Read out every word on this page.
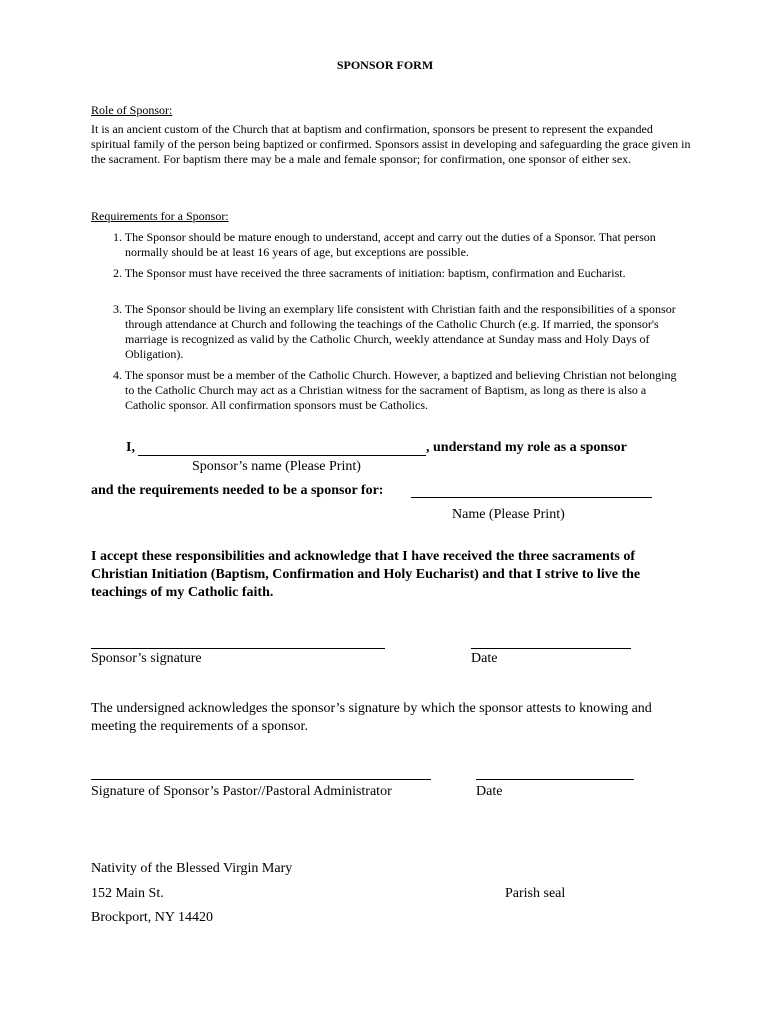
SPONSOR FORM
Role of Sponsor:
It is an ancient custom of the Church that at baptism and confirmation, sponsors be present to represent the expanded spiritual family of the person being baptized or confirmed. Sponsors assist in developing and safeguarding the grace given in the sacrament. For baptism there may be a male and female sponsor; for confirmation, one sponsor of either sex.
Requirements for a Sponsor:
1. The Sponsor should be mature enough to understand, accept and carry out the duties of a Sponsor. That person normally should be at least 16 years of age, but exceptions are possible.
2. The Sponsor must have received the three sacraments of initiation: baptism, confirmation and Eucharist.
3. The Sponsor should be living an exemplary life consistent with Christian faith and the responsibilities of a sponsor through attendance at Church and following the teachings of the Catholic Church (e.g. If married, the sponsor's marriage is recognized as valid by the Catholic Church, weekly attendance at Sunday mass and Holy Days of Obligation).
4. The sponsor must be a member of the Catholic Church. However, a baptized and believing Christian not belonging to the Catholic Church may act as a Christian witness for the sacrament of Baptism, as long as there is also a Catholic sponsor. All confirmation sponsors must be Catholics.
I,	, understand my role as a sponsor
Sponsor’s name (Please Print)
and the requirements needed to be a sponsor for:
Name (Please Print)
I accept these responsibilities and acknowledge that I have received the three sacraments of Christian Initiation (Baptism, Confirmation and Holy Eucharist) and that I strive to live the teachings of my Catholic faith.
Sponsor’s signature	Date
The undersigned acknowledges the sponsor’s signature by which the sponsor attests to knowing and meeting the requirements of a sponsor.
Signature of Sponsor’s Pastor//Pastoral Administrator	Date
Nativity of the Blessed Virgin Mary
152 Main St.	Parish seal
Brockport, NY 14420
